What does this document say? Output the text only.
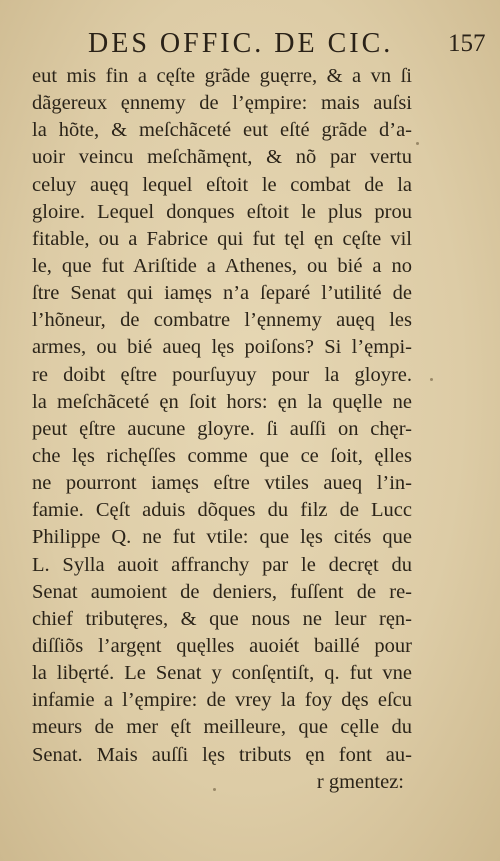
DES OFFIC. DE CIC. 157
eut mis fin a cęſte grãde guęrre, & a vn ſi
dãgereux ęnnemy de l’ęmpire: mais auſsi
la hõte, & meſchãceté eut eſté grãde d’a-
uoir veincu meſchãmęnt, & nõ par vertu
celuy auęq lequel eſtoit le combat de la
gloire. Lequel donques eſtoit le plus prou
fitable, ou a Fabrice qui fut tęl ęn cęſte vil
le, que fut Ariſtide a Athenes, ou bié a no
ſtre Senat qui iamęs n’a ſeparé l’utilité de
l’hõneur, de combatre l’ęnnemy auęq les
armes, ou bié aueq lęs poiſons? Si l’ęmpi-
re doibt ęſtre pourſuyuy pour la gloyre.
la meſchãceté ęn ſoit hors: ęn la quęlle ne
peut ęſtre aucune gloyre. ſi auſſi on chęr-
che lęs richęſſes comme que ce ſoit, ęlles
ne pourront iamęs eſtre vtiles aueq l’in-
famie. Cęſt aduis dõques du filz de Lucc
Philippe Q. ne fut vtile: que lęs cités que
L. Sylla auoit affranchy par le decręt du
Senat aumoient de deniers, fuſſent de re-
chief tributęres, & que nous ne leur ręn-
diſſiõs l’argęnt quęlles auoiét baillé pour
la libęrté. Le Senat y conſęntiſt, q. fut vne
infamie a l’ęmpire: de vrey la foy dęs eſcu
meurs de mer ęſt meilleure, que cęlle du
Senat. Mais auſſi lęs tributs ęn font au-
r gmentez:
